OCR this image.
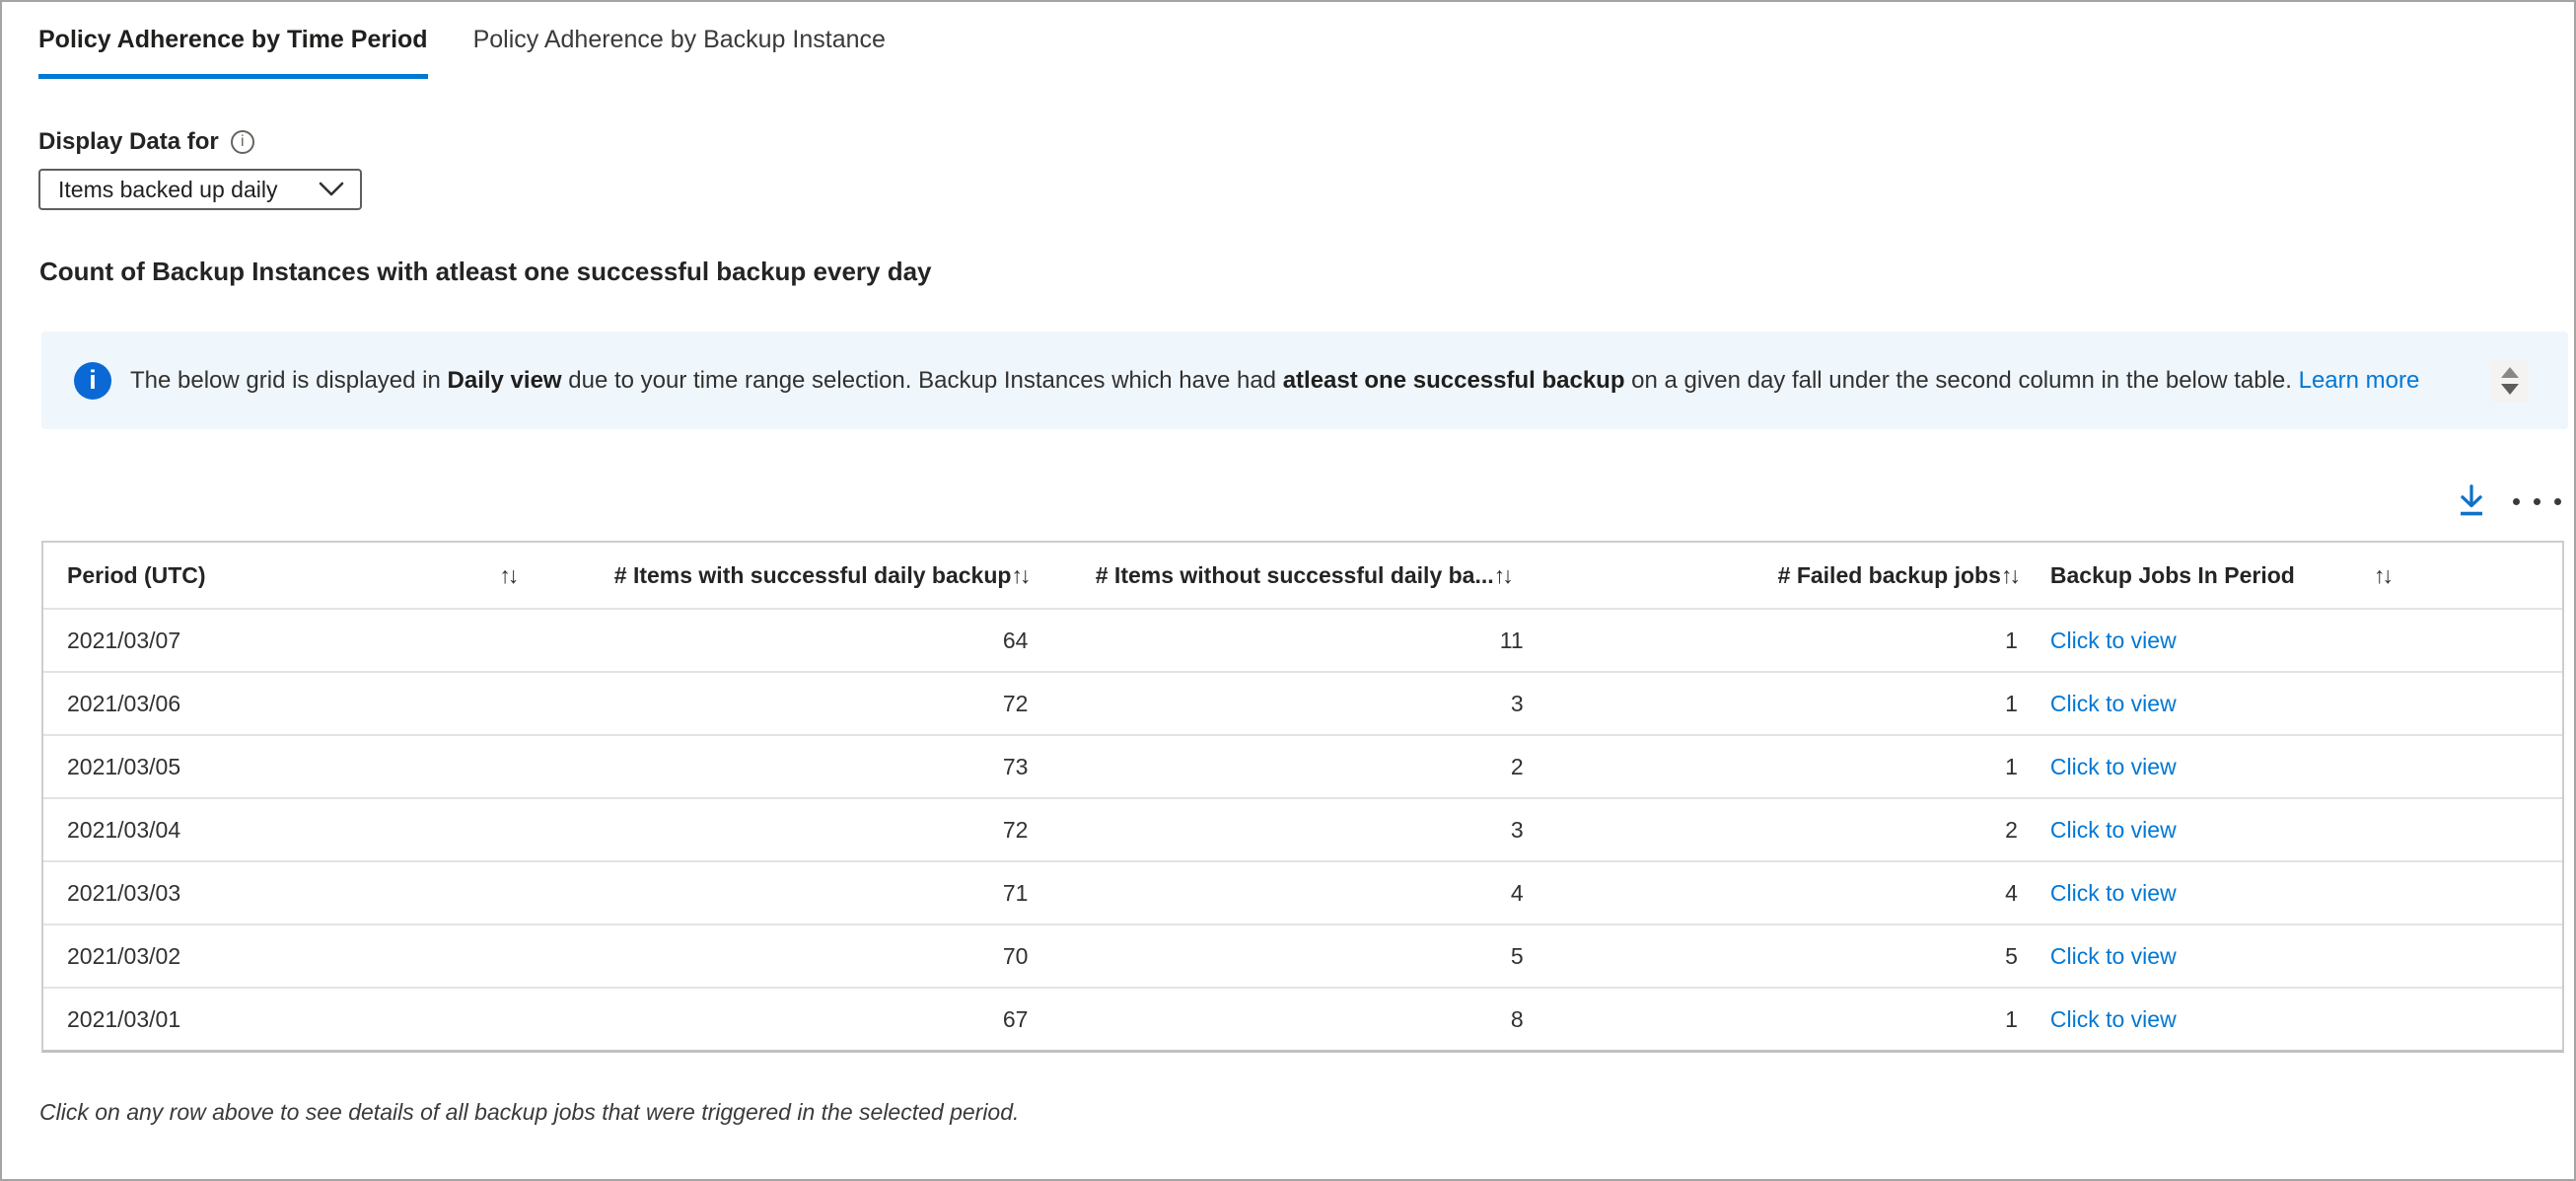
Policy Adherence by Time Period Policy Adherence by Backup Instance
Display Data for	i
Items backed up daily
Count of Backup Instances with atleast one successful backup every day
i	The below grid is displayed in Daily view due to your time range selection. Backup Instances which have had atleast one successful backup on a given day fall under the second column in the below table. Learn more
Period (UTC)	↑↓	# Items with successful daily backup ↑↓	# Items without successful daily ba... ↑↓	# Failed backup jobs ↑↓ Backup Jobs In Period	↑↓
2021/03/07	64	11	1	Click to view
2021/03/06	72	3	1	Click to view
2021/03/05	73	2	1	Click to view
2021/03/04	72	3	2	Click to view
2021/03/03	71	4	4	Click to view
2021/03/02	70	5	5	Click to view
2021/03/01	67	8	1	Click to view
Click on any row above to see details of all backup jobs that were triggered in the selected period.
